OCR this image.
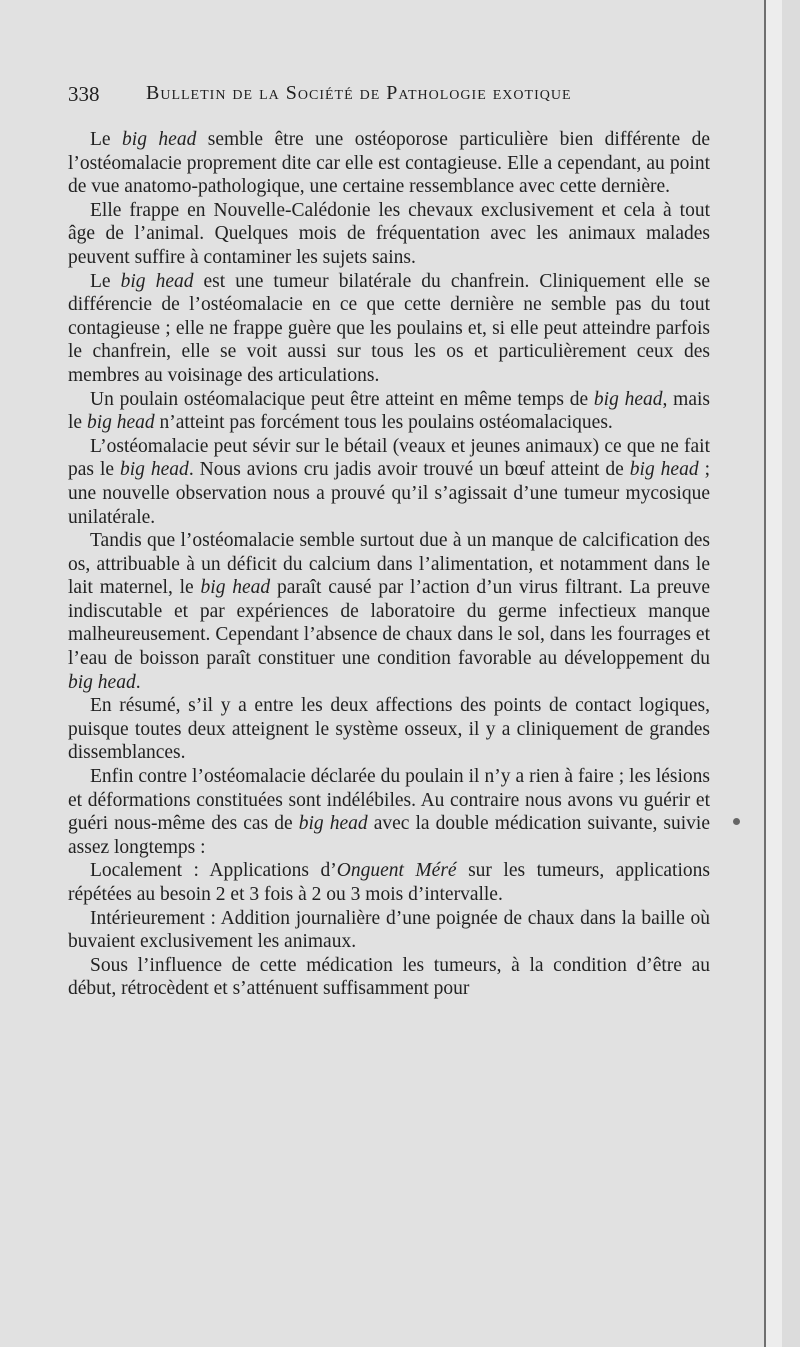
338 Bulletin de la Société de Pathologie exotique

Le big head semble être une ostéoporose particulière bien différente de l’ostéomalacie proprement dite car elle est contagieuse. Elle a cependant, au point de vue anatomo-pathologique, une certaine ressemblance avec cette dernière.

Elle frappe en Nouvelle-Calédonie les chevaux exclusivement et cela à tout âge de l’animal. Quelques mois de fréquentation avec les animaux malades peuvent suffire à contaminer les sujets sains.

Le big head est une tumeur bilatérale du chanfrein. Cliniquement elle se différencie de l’ostéomalacie en ce que cette dernière ne semble pas du tout contagieuse ; elle ne frappe guère que les poulains et, si elle peut atteindre parfois le chanfrein, elle se voit aussi sur tous les os et particulièrement ceux des membres au voisinage des articulations.

Un poulain ostéomalacique peut être atteint en même temps de big head, mais le big head n’atteint pas forcément tous les poulains ostéomalaciques.

L’ostéomalacie peut sévir sur le bétail (veaux et jeunes animaux) ce que ne fait pas le big head. Nous avions cru jadis avoir trouvé un bœuf atteint de big head ; une nouvelle observation nous a prouvé qu’il s’agissait d’une tumeur mycosique unilatérale.

Tandis que l’ostéomalacie semble surtout due à un manque de calcification des os, attribuable à un déficit du calcium dans l’alimentation, et notamment dans le lait maternel, le big head paraît causé par l’action d’un virus filtrant. La preuve indiscutable et par expériences de laboratoire du germe infectieux manque malheureusement. Cependant l’absence de chaux dans le sol, dans les fourrages et l’eau de boisson paraît constituer une condition favorable au développement du big head.

En résumé, s’il y a entre les deux affections des points de contact logiques, puisque toutes deux atteignent le système osseux, il y a cliniquement de grandes dissemblances.

Enfin contre l’ostéomalacie déclarée du poulain il n’y a rien à faire ; les lésions et déformations constituées sont indélébiles. Au contraire nous avons vu guérir et guéri nous-même des cas de big head avec la double médication suivante, suivie assez longtemps :

Localement : Applications d’Onguent Méré sur les tumeurs, applications répétées au besoin 2 et 3 fois à 2 ou 3 mois d’intervalle.

Intérieurement : Addition journalière d’une poignée de chaux dans la baille où buvaient exclusivement les animaux.

Sous l’influence de cette médication les tumeurs, à la condition d’être au début, rétrocèdent et s’atténuent suffisamment pour
